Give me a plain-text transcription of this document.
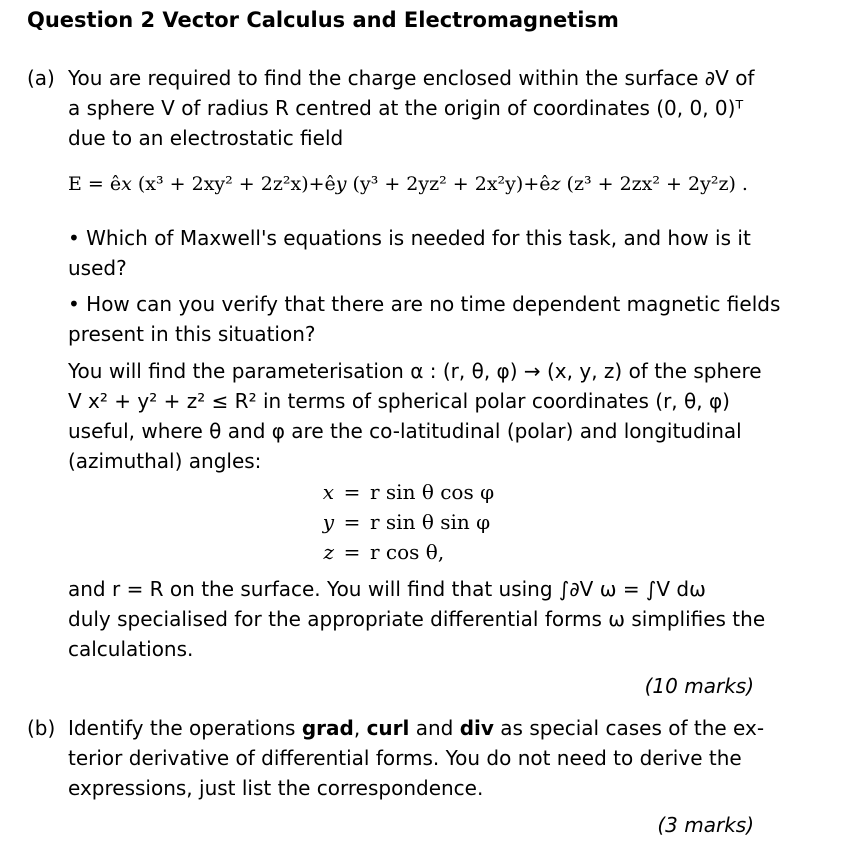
Question 2 Vector Calculus and Electromagnetism
(a) You are required to find the charge enclosed within the surface ∂V of
a sphere V of radius R centred at the origin of coordinates (0, 0, 0)ᵀ
due to an electrostatic field
E = ê𝑥 (x³ + 2xy² + 2z²x)+ê𝑦 (y³ + 2yz² + 2x²y)+ê𝑧 (z³ + 2zx² + 2y²z) .
• Which of Maxwell's equations is needed for this task, and how is it
used?
• How can you verify that there are no time dependent magnetic fields
present in this situation?
You will find the parameterisation α : (r, θ, φ) → (x, y, z) of the sphere
V x² + y² + z² ≤ R² in terms of spherical polar coordinates (r, θ, φ)
useful, where θ and φ are the co-latitudinal (polar) and longitudinal
(azimuthal) angles:
x = r sin θ cos φ
y = r sin θ sin φ
z = r cos θ,
and r = R on the surface. You will find that using ∫∂V ω = ∫V dω
duly specialised for the appropriate differential forms ω simplifies the
calculations.
(10 marks)
(b) Identify the operations grad, curl and div as special cases of the ex-
terior derivative of differential forms. You do not need to derive the
expressions, just list the correspondence.
(3 marks)
